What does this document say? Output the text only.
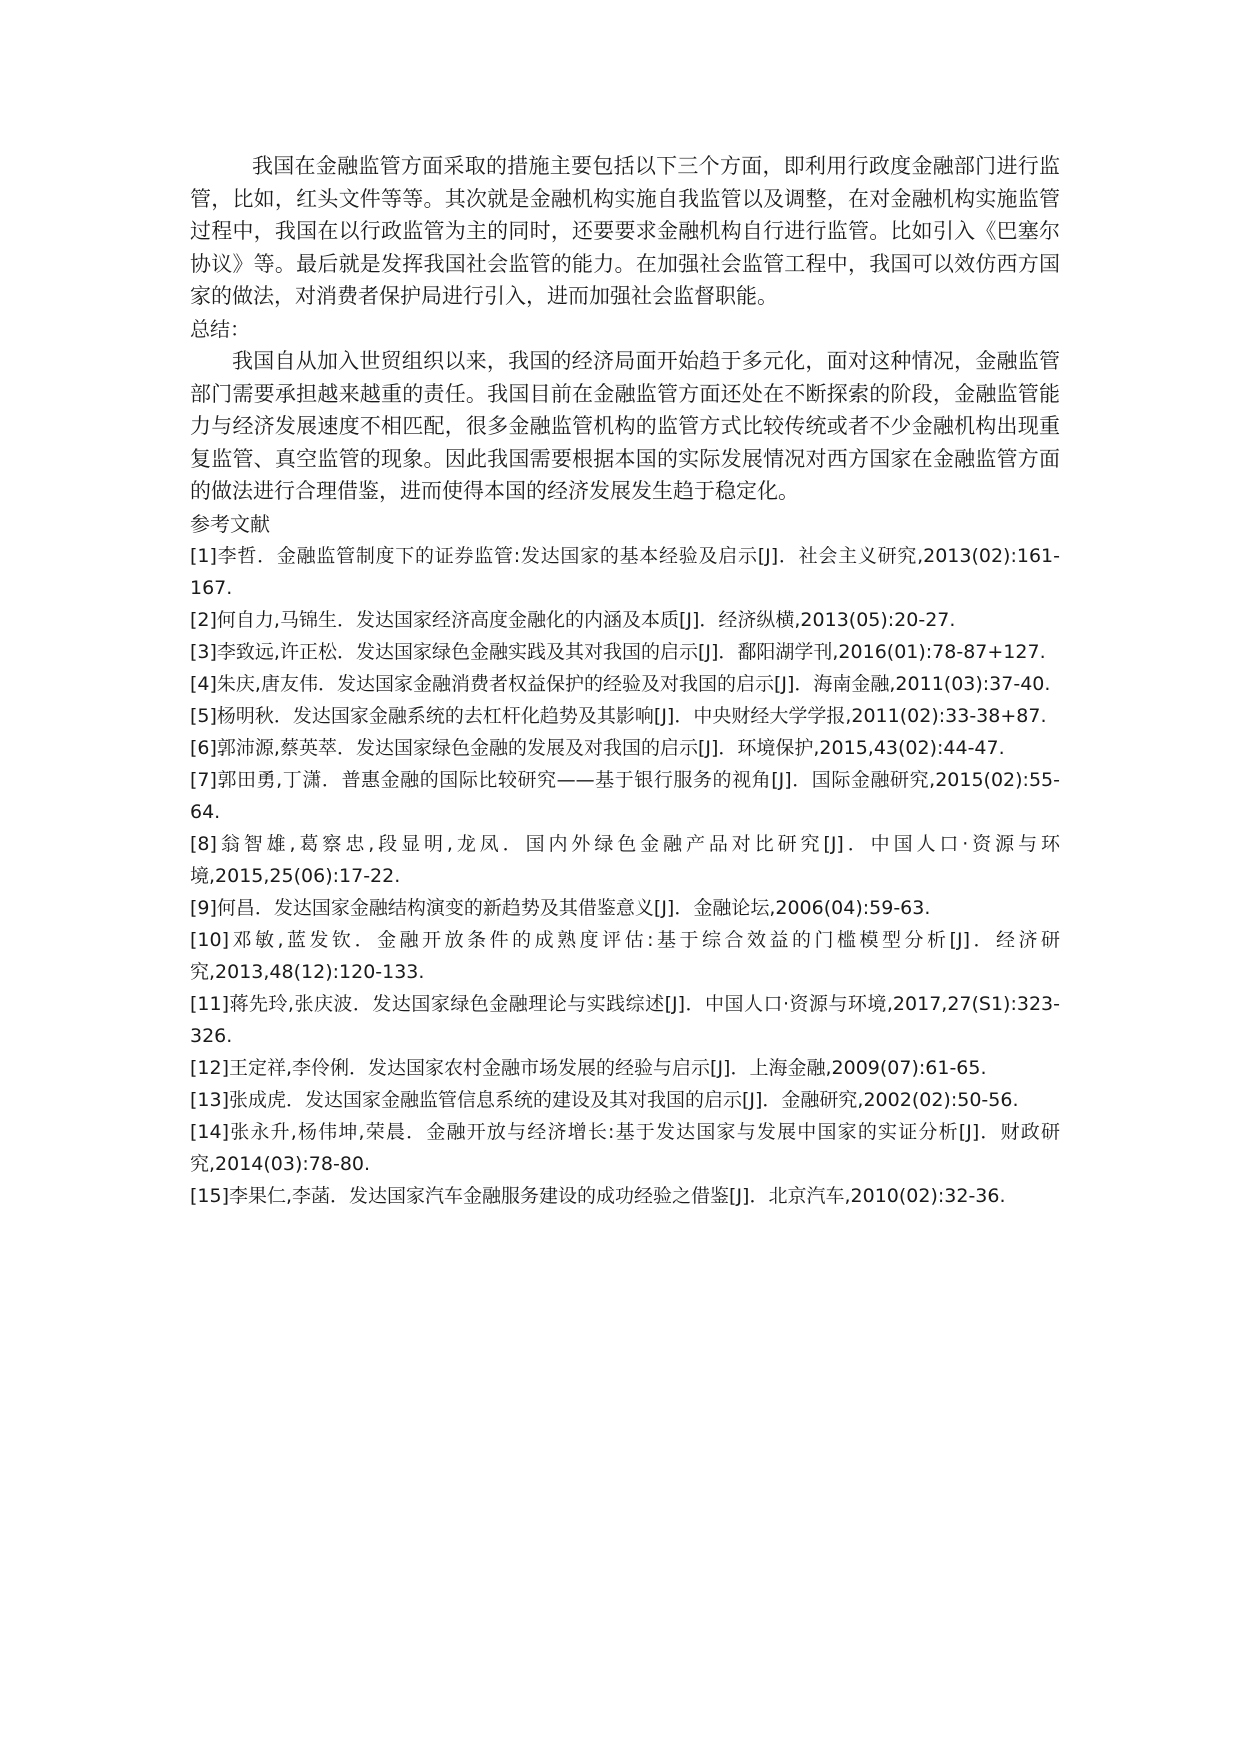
我国在金融监管方面采取的措施主要包括以下三个方面，即利用行政度金融部门进行监管，比如，红头文件等等。其次就是金融机构实施自我监管以及调整，在对金融机构实施监管过程中，我国在以行政监管为主的同时，还要要求金融机构自行进行监管。比如引入《巴塞尔协议》等。最后就是发挥我国社会监管的能力。在加强社会监管工程中，我国可以效仿西方国家的做法，对消费者保护局进行引入，进而加强社会监督职能。

总结：

我国自从加入世贸组织以来，我国的经济局面开始趋于多元化，面对这种情况，金融监管部门需要承担越来越重的责任。我国目前在金融监管方面还处在不断探索的阶段，金融监管能力与经济发展速度不相匹配，很多金融监管机构的监管方式比较传统或者不少金融机构出现重复监管、真空监管的现象。因此我国需要根据本国的实际发展情况对西方国家在金融监管方面的做法进行合理借鉴，进而使得本国的经济发展发生趋于稳定化。

参考文献

[1]李哲．金融监管制度下的证券监管:发达国家的基本经验及启示[J]．社会主义研究,2013(02):161-167.
[2]何自力,马锦生．发达国家经济高度金融化的内涵及本质[J]．经济纵横,2013(05):20-27.
[3]李致远,许正松．发达国家绿色金融实践及其对我国的启示[J]．鄱阳湖学刊,2016(01):78-87+127.
[4]朱庆,唐友伟．发达国家金融消费者权益保护的经验及对我国的启示[J]．海南金融,2011(03):37-40.
[5]杨明秋．发达国家金融系统的去杠杆化趋势及其影响[J]．中央财经大学学报,2011(02):33-38+87.
[6]郭沛源,蔡英萃．发达国家绿色金融的发展及对我国的启示[J]．环境保护,2015,43(02):44-47.
[7]郭田勇,丁潇．普惠金融的国际比较研究——基于银行服务的视角[J]．国际金融研究,2015(02):55-64.
[8]翁智雄,葛察忠,段显明,龙凤．国内外绿色金融产品对比研究[J]．中国人口·资源与环境,2015,25(06):17-22.
[9]何昌．发达国家金融结构演变的新趋势及其借鉴意义[J]．金融论坛,2006(04):59-63.
[10]邓敏,蓝发钦．金融开放条件的成熟度评估:基于综合效益的门槛模型分析[J]．经济研究,2013,48(12):120-133.
[11]蒋先玲,张庆波．发达国家绿色金融理论与实践综述[J]．中国人口·资源与环境,2017,27(S1):323-326.
[12]王定祥,李伶俐．发达国家农村金融市场发展的经验与启示[J]．上海金融,2009(07):61-65.
[13]张成虎．发达国家金融监管信息系统的建设及其对我国的启示[J]．金融研究,2002(02):50-56.
[14]张永升,杨伟坤,荣晨．金融开放与经济增长:基于发达国家与发展中国家的实证分析[J]．财政研究,2014(03):78-80.
[15]李果仁,李菡．发达国家汽车金融服务建设的成功经验之借鉴[J]．北京汽车,2010(02):32-36.
